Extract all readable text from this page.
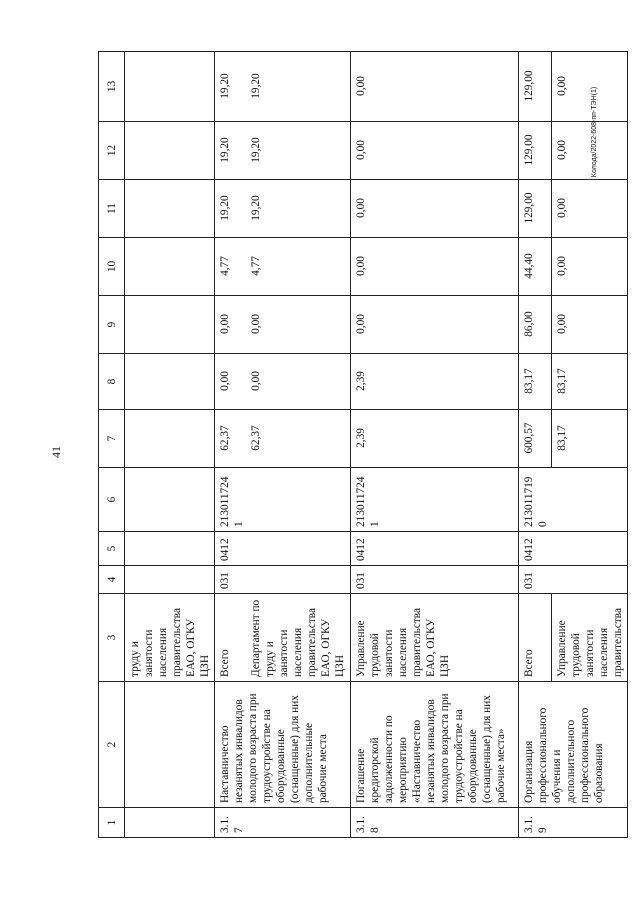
41
Колода/2022-608-пп-ТЭН(1)
1	2	3	4	5	6	7	8	9	10	11	12	13
		труду и занятости населения правительства ЕАО, ОГКУ ЦЗН										
3.1.7	Наставничество незанятых инвалидов молодого возраста при трудоустройстве на оборудованные (оснащенные) для них дополнительные рабочие места	Всего	031	0412	2130117241	62,37	0,00	0,00	4,77	19,20	19,20	19,20
		Департамент по труду и занятости населения правительства ЕАО, ОГКУ ЦЗН				62,37	0,00	0,00	4,77	19,20	19,20	19,20
3.1.8	Погашение кредиторской задолженности по мероприятию «Наставничество незанятых инвалидов молодого возраста при трудоустройстве на оборудованные (оснащенные) для них рабочие места»	Управление трудовой занятости населения правительства ЕАО, ОГКУ ЦЗН	031	0412	2130117241	2,39	2,39	0,00	0,00	0,00	0,00	0,00
3.1.9	Организация профессионального обучения и дополнительного профессионального образования	Всего	031	0412	2130117190	600,57	83,17	86,00	44,40	129,00	129,00	129,00
		Управление трудовой занятости населения правительства				83,17	83,17	0,00	0,00	0,00	0,00	0,00
